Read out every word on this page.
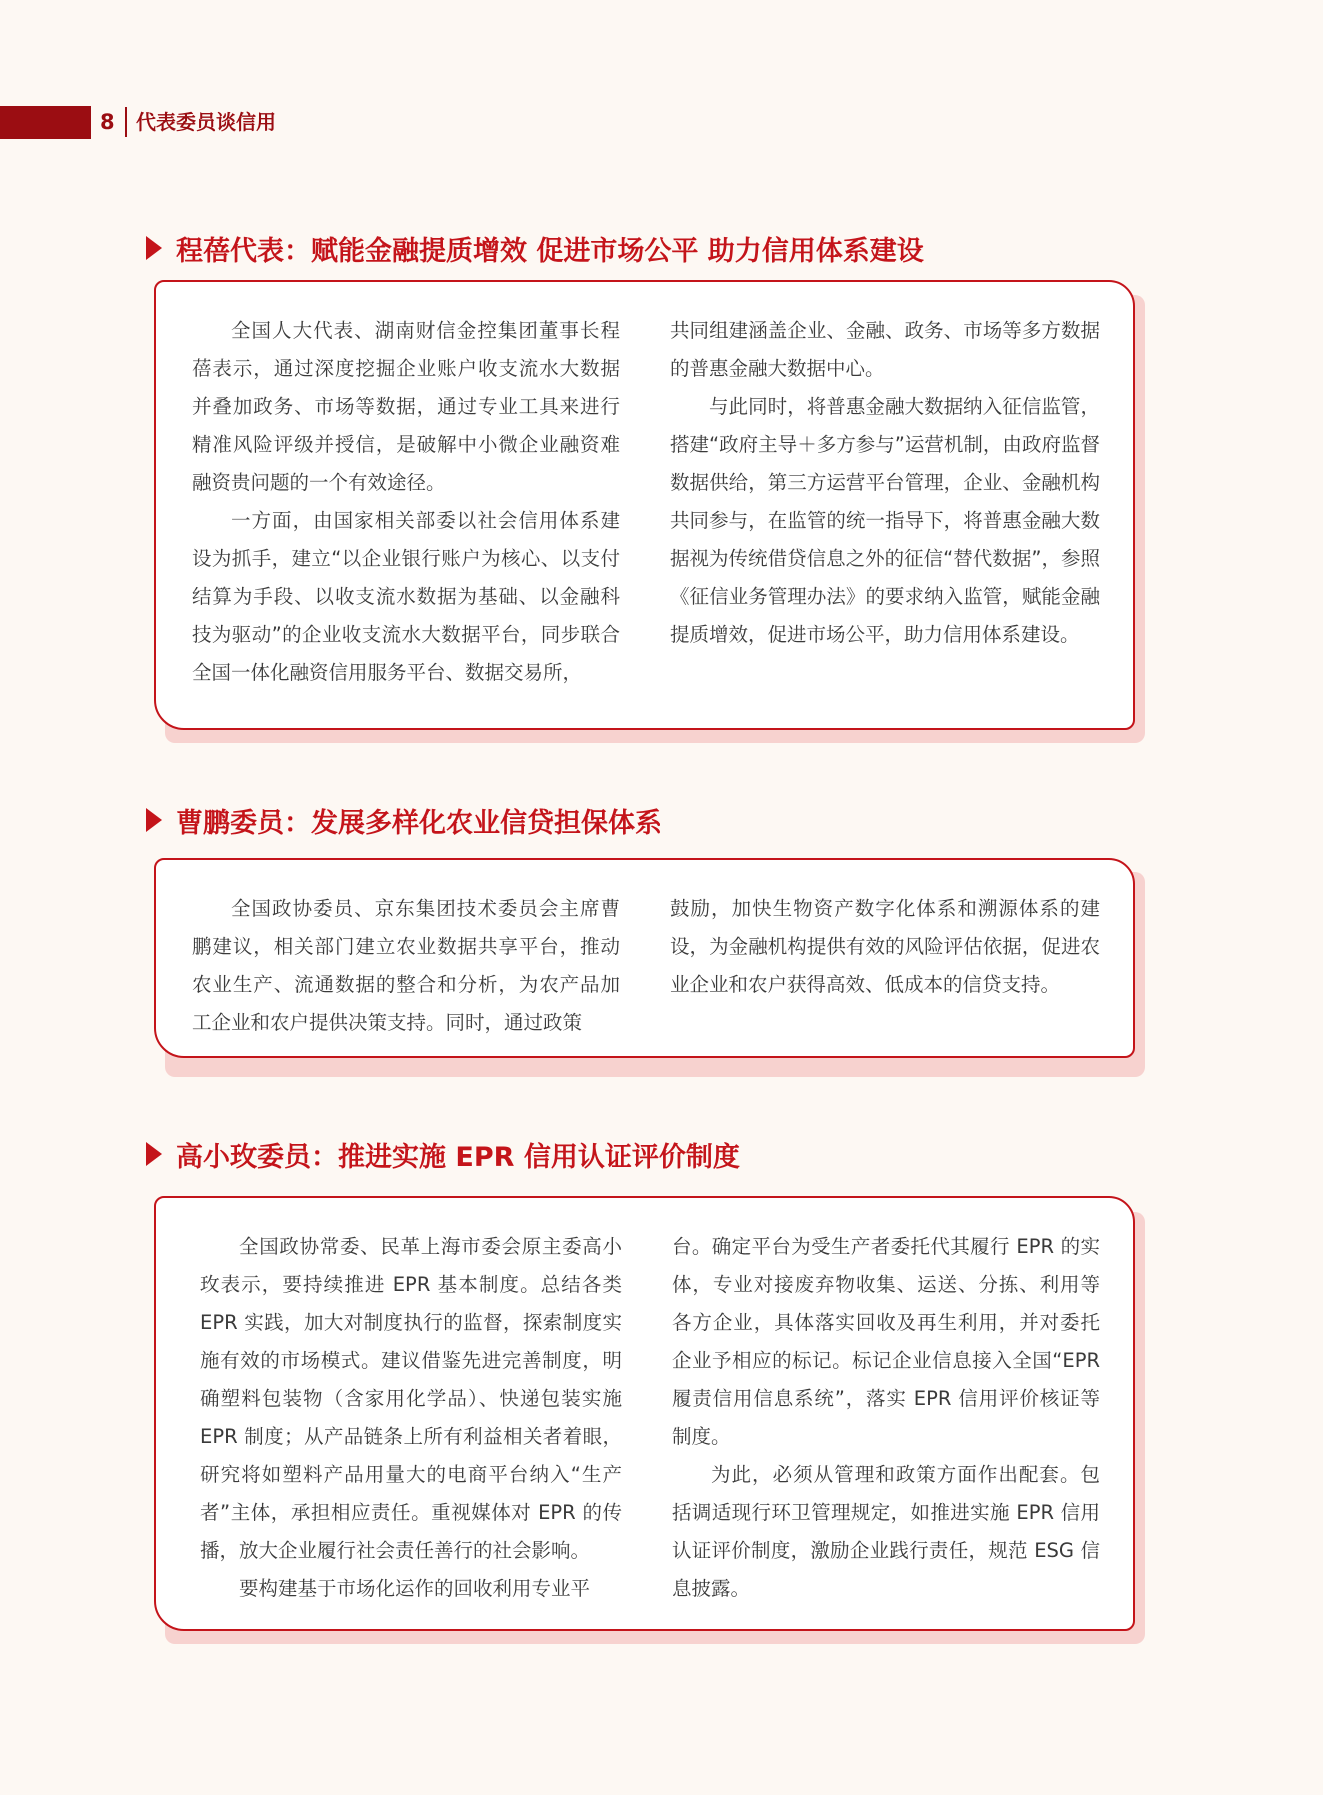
8 代表委员谈信用
程蓓代表：赋能金融提质增效 促进市场公平 助力信用体系建设

全国人大代表、湖南财信金控集团董事长程蓓表示，通过深度挖掘企业账户收支流水大数据并叠加政务、市场等数据，通过专业工具来进行精准风险评级并授信，是破解中小微企业融资难融资贵问题的一个有效途径。

一方面，由国家相关部委以社会信用体系建设为抓手，建立“以企业银行账户为核心、以支付结算为手段、以收支流水数据为基础、以金融科技为驱动”的企业收支流水大数据平台，同步联合全国一体化融资信用服务平台、数据交易所，

共同组建涵盖企业、金融、政务、市场等多方数据的普惠金融大数据中心。

与此同时，将普惠金融大数据纳入征信监管，搭建“政府主导＋多方参与”运营机制，由政府监督数据供给，第三方运营平台管理，企业、金融机构共同参与，在监管的统一指导下，将普惠金融大数据视为传统借贷信息之外的征信“替代数据”，参照《征信业务管理办法》的要求纳入监管，赋能金融提质增效，促进市场公平，助力信用体系建设。

曹鹏委员：发展多样化农业信贷担保体系

全国政协委员、京东集团技术委员会主席曹鹏建议，相关部门建立农业数据共享平台，推动农业生产、流通数据的整合和分析，为农产品加工企业和农户提供决策支持。同时，通过政策

鼓励，加快生物资产数字化体系和溯源体系的建设，为金融机构提供有效的风险评估依据，促进农业企业和农户获得高效、低成本的信贷支持。

高小玫委员：推进实施 EPR 信用认证评价制度

全国政协常委、民革上海市委会原主委高小玫表示，要持续推进 EPR 基本制度。总结各类 EPR 实践，加大对制度执行的监督，探索制度实施有效的市场模式。建议借鉴先进完善制度，明确塑料包装物（含家用化学品）、快递包装实施 EPR 制度；从产品链条上所有利益相关者着眼，研究将如塑料产品用量大的电商平台纳入“生产者”主体，承担相应责任。重视媒体对 EPR 的传播，放大企业履行社会责任善行的社会影响。

要构建基于市场化运作的回收利用专业平

台。确定平台为受生产者委托代其履行 EPR 的实体，专业对接废弃物收集、运送、分拣、利用等各方企业，具体落实回收及再生利用，并对委托企业予相应的标记。标记企业信息接入全国“EPR 履责信用信息系统”，落实 EPR 信用评价核证等制度。

为此，必须从管理和政策方面作出配套。包括调适现行环卫管理规定，如推进实施 EPR 信用认证评价制度，激励企业践行责任，规范 ESG 信息披露。
